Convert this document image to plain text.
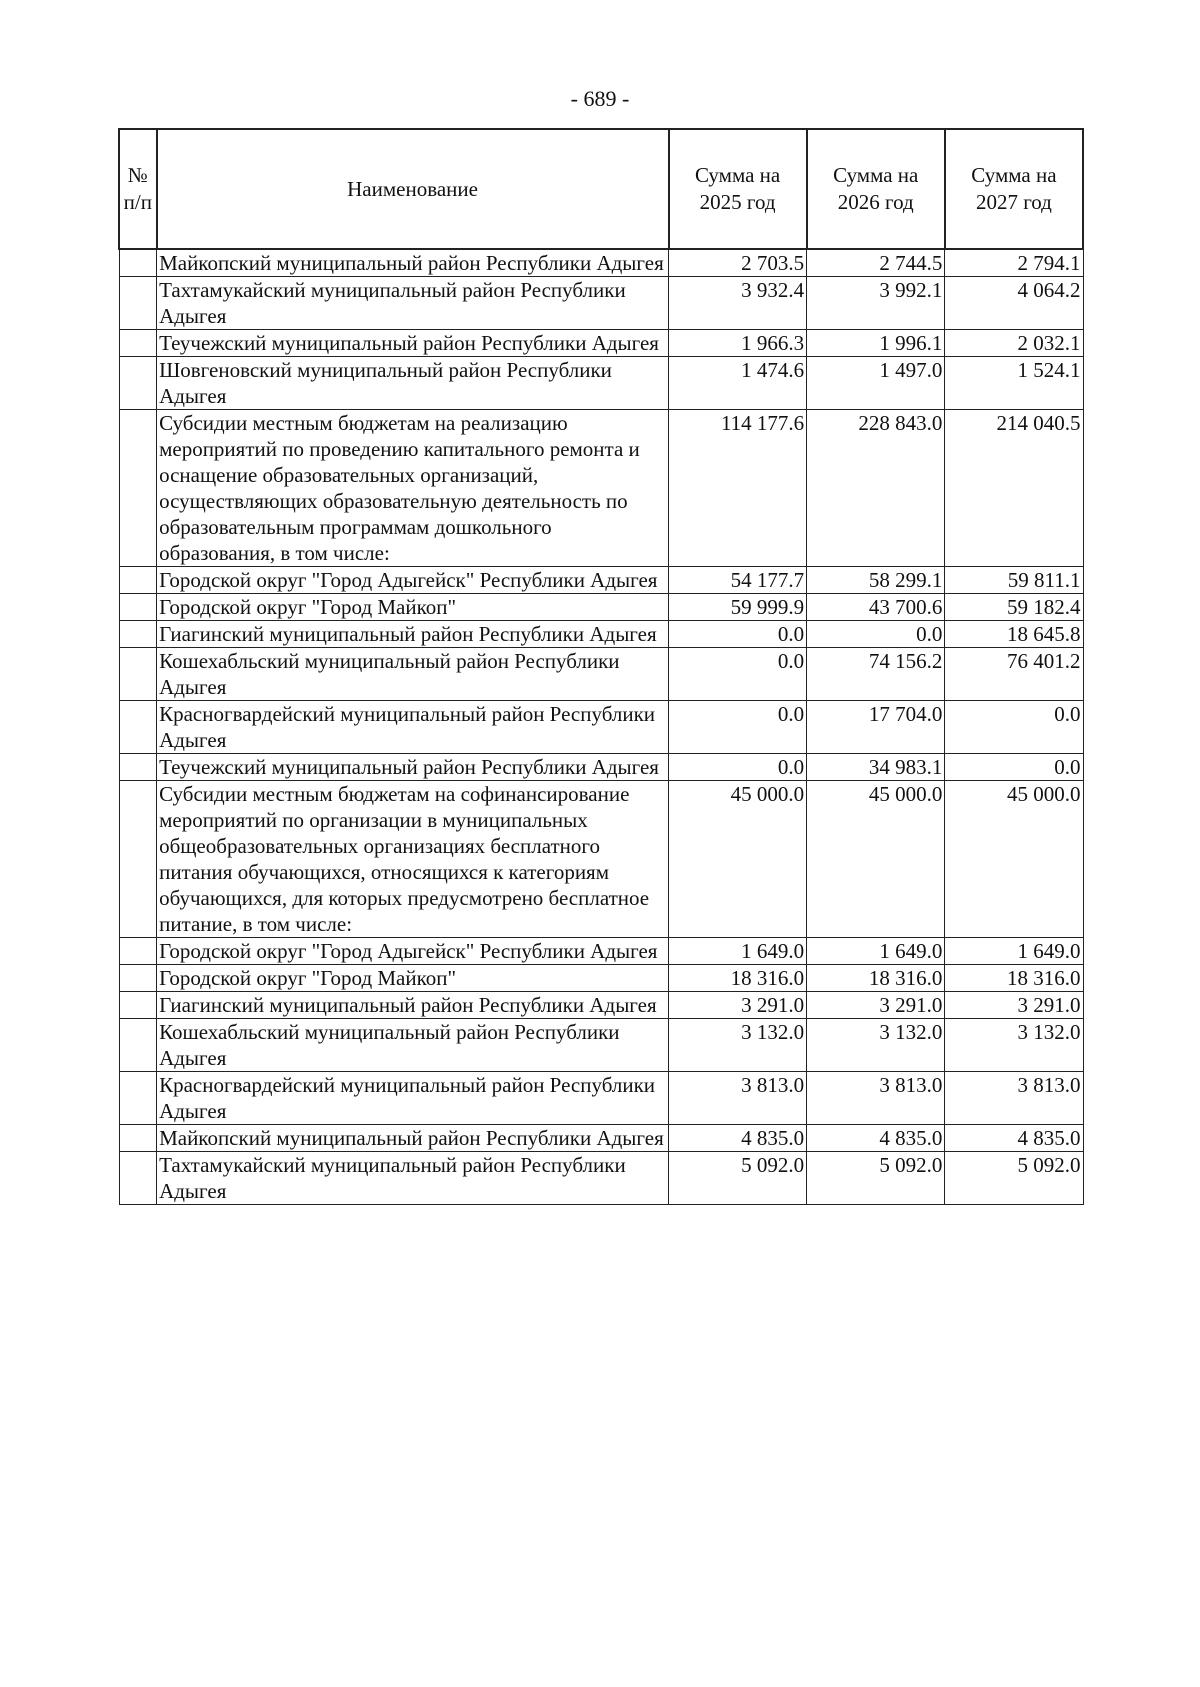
- 689 -
№ п/п	Наименование	Сумма на 2025 год	Сумма на 2026 год	Сумма на 2027 год
	Майкопский муниципальный район Республики Адыгея	2 703.5	2 744.5	2 794.1
	Тахтамукайский муниципальный район Республики Адыгея	3 932.4	3 992.1	4 064.2
	Теучежский муниципальный район Республики Адыгея	1 966.3	1 996.1	2 032.1
	Шовгеновский муниципальный район Республики Адыгея	1 474.6	1 497.0	1 524.1
	Субсидии местным бюджетам на реализацию мероприятий по проведению капитального ремонта и оснащение образовательных организаций, осуществляющих образовательную деятельность по образовательным программам дошкольного образования, в том числе:	114 177.6	228 843.0	214 040.5
	Городской округ "Город Адыгейск" Республики Адыгея	54 177.7	58 299.1	59 811.1
	Городской округ "Город Майкоп"	59 999.9	43 700.6	59 182.4
	Гиагинский муниципальный район Республики Адыгея	0.0	0.0	18 645.8
	Кошехабльский муниципальный район Республики Адыгея	0.0	74 156.2	76 401.2
	Красногвардейский муниципальный район Республики Адыгея	0.0	17 704.0	0.0
	Теучежский муниципальный район Республики Адыгея	0.0	34 983.1	0.0
	Субсидии местным бюджетам на софинансирование мероприятий по организации в муниципальных общеобразовательных организациях бесплатного питания обучающихся, относящихся к категориям обучающихся, для которых предусмотрено бесплатное питание, в том числе:	45 000.0	45 000.0	45 000.0
	Городской округ "Город Адыгейск" Республики Адыгея	1 649.0	1 649.0	1 649.0
	Городской округ "Город Майкоп"	18 316.0	18 316.0	18 316.0
	Гиагинский муниципальный район Республики Адыгея	3 291.0	3 291.0	3 291.0
	Кошехабльский муниципальный район Республики Адыгея	3 132.0	3 132.0	3 132.0
	Красногвардейский муниципальный район Республики Адыгея	3 813.0	3 813.0	3 813.0
	Майкопский муниципальный район Республики Адыгея	4 835.0	4 835.0	4 835.0
	Тахтамукайский муниципальный район Республики Адыгея	5 092.0	5 092.0	5 092.0
